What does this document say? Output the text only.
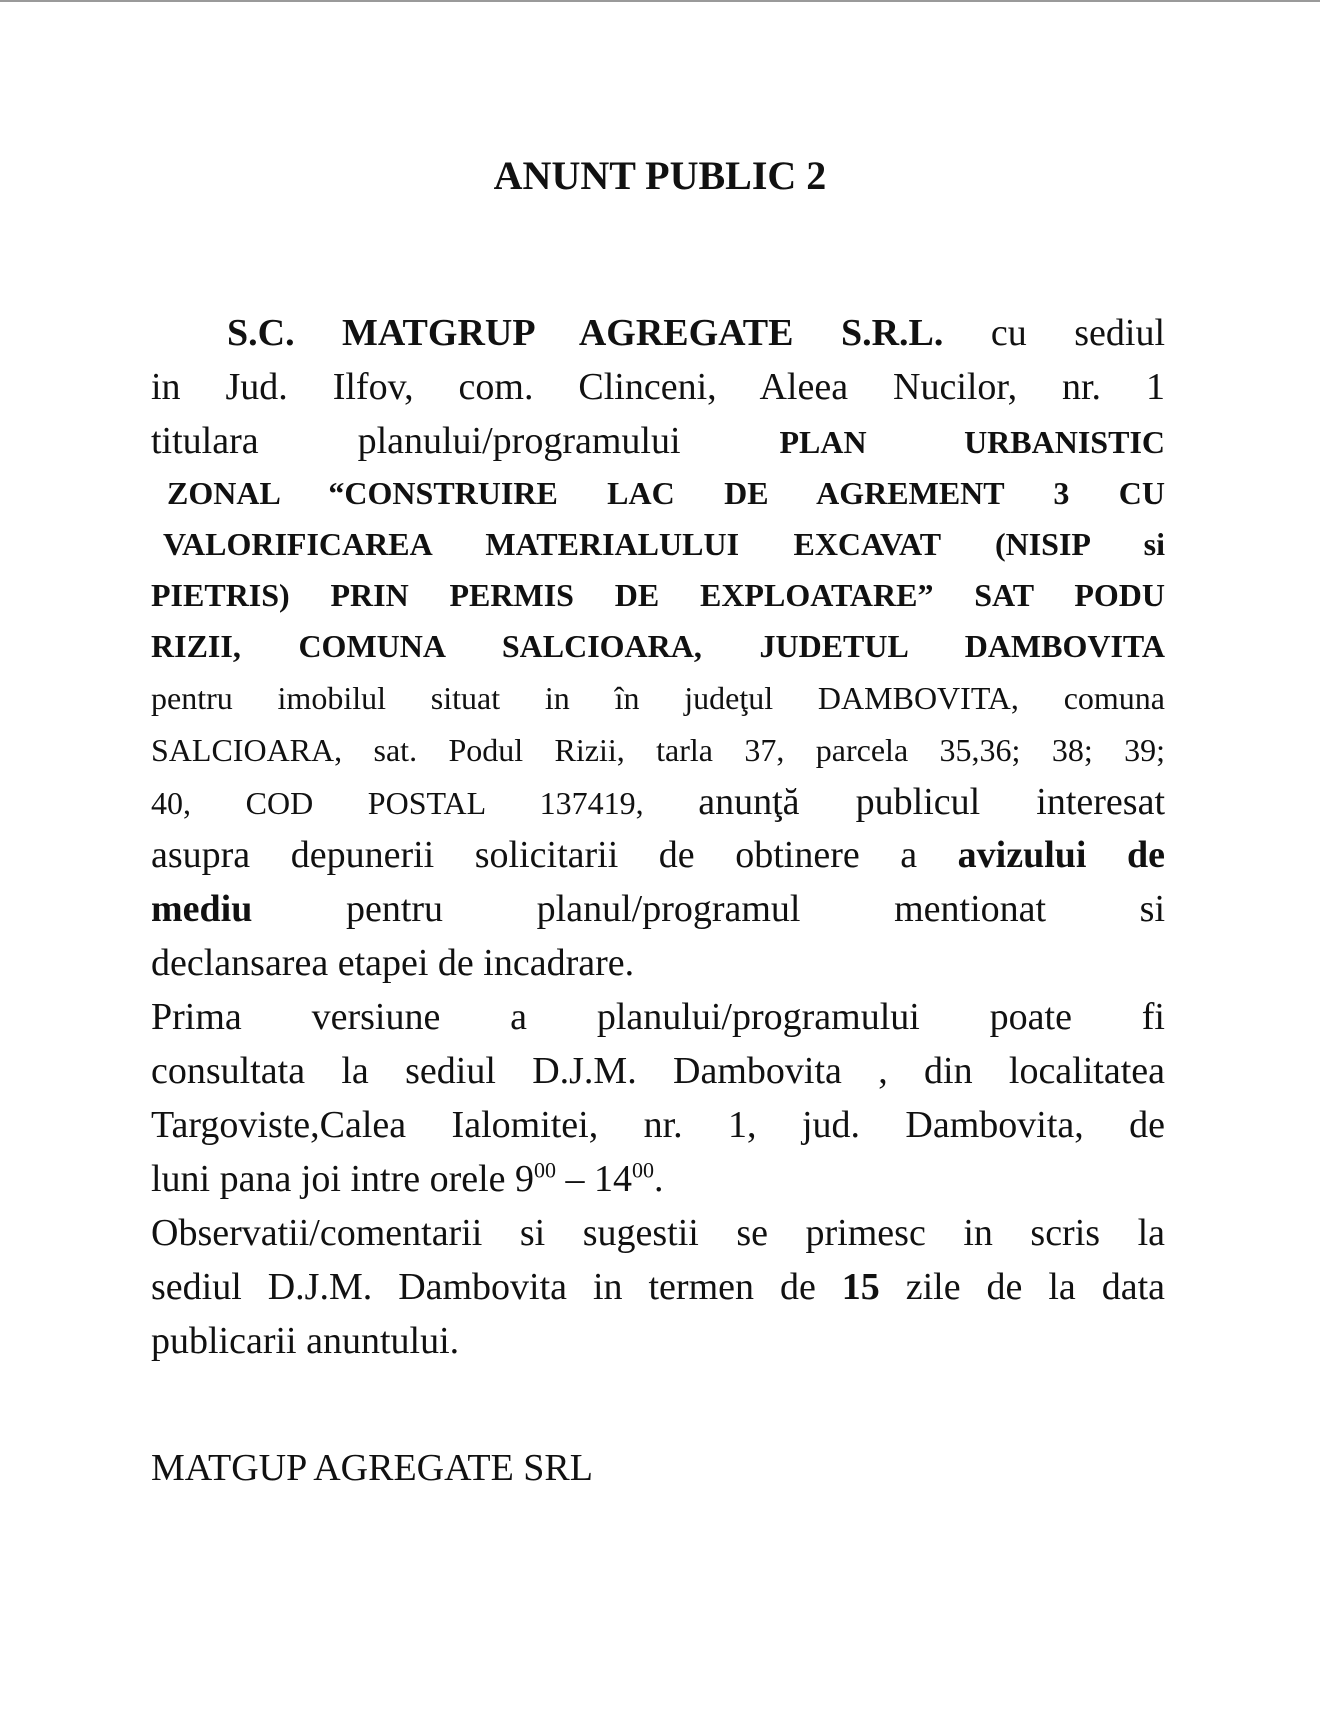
ANUNT PUBLIC 2
S.C. MATGRUP AGREGATE S.R.L. cu sediul
in Jud. Ilfov, com. Clinceni, Aleea Nucilor, nr. 1
titulara planului/programului	PLAN URBANISTIC
ZONAL “CONSTRUIRE LAC DE AGREMENT 3 CU
VALORIFICAREA MATERIALULUI EXCAVAT (NISIP si
PIETRIS) PRIN PERMIS DE EXPLOATARE” SAT PODU
RIZII, COMUNA SALCIOARA, JUDETUL DAMBOVITA
pentru imobilul situat in în judeţul DAMBOVITA, comuna
SALCIOARA, sat. Podul Rizii, tarla 37, parcela 35,36; 38; 39;
40, COD POSTAL 137419, anunţă publicul interesat
asupra depunerii solicitarii de obtinere a avizului de
mediu pentru planul/programul mentionat si
declansarea etapei de incadrare.
Prima versiune a planului/programului poate fi
consultata la sediul D.J.M. Dambovita , din localitatea
Targoviste,Calea Ialomitei, nr. 1, jud. Dambovita, de
luni pana joi intre orele $9^{00} - 14^{00}$.
Observatii/comentarii si sugestii se primesc in scris la
sediul D.J.M. Dambovita in termen de 15 zile de la data
publicarii anuntului.
MATGUP AGREGATE SRL
